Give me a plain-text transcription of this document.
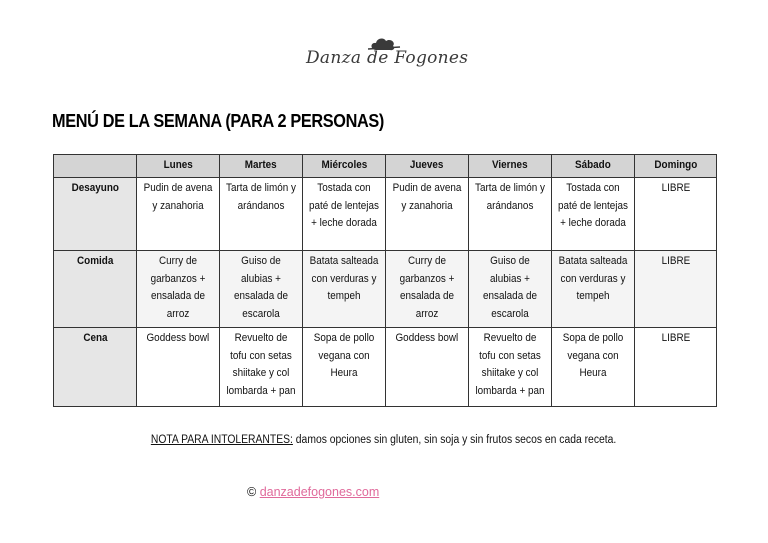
Danza de Fogones
MENÚ DE LA SEMANA (PARA 2 PERSONAS)
	Lunes	Martes	Miércoles	Jueves	Viernes	Sábado	Domingo
Desayuno	Pudin de avena y zanahoria	Tarta de limón y arándanos	Tostada con paté de lentejas + leche dorada	Pudin de avena y zanahoria	Tarta de limón y arándanos	Tostada con paté de lentejas + leche dorada	LIBRE
Comida	Curry de garbanzos + ensalada de arroz	Guiso de alubias + ensalada de escarola	Batata salteada con verduras y tempeh	Curry de garbanzos + ensalada de arroz	Guiso de alubias + ensalada de escarola	Batata salteada con verduras y tempeh	LIBRE
Cena	Goddess bowl	Revuelto de tofu con setas shiitake y col lombarda + pan	Sopa de pollo vegana con Heura	Goddess bowl	Revuelto de tofu con setas shiitake y col lombarda + pan	Sopa de pollo vegana con Heura	LIBRE
NOTA PARA INTOLERANTES: damos opciones sin gluten, sin soja y sin frutos secos en cada receta.
© danzadefogones.com
